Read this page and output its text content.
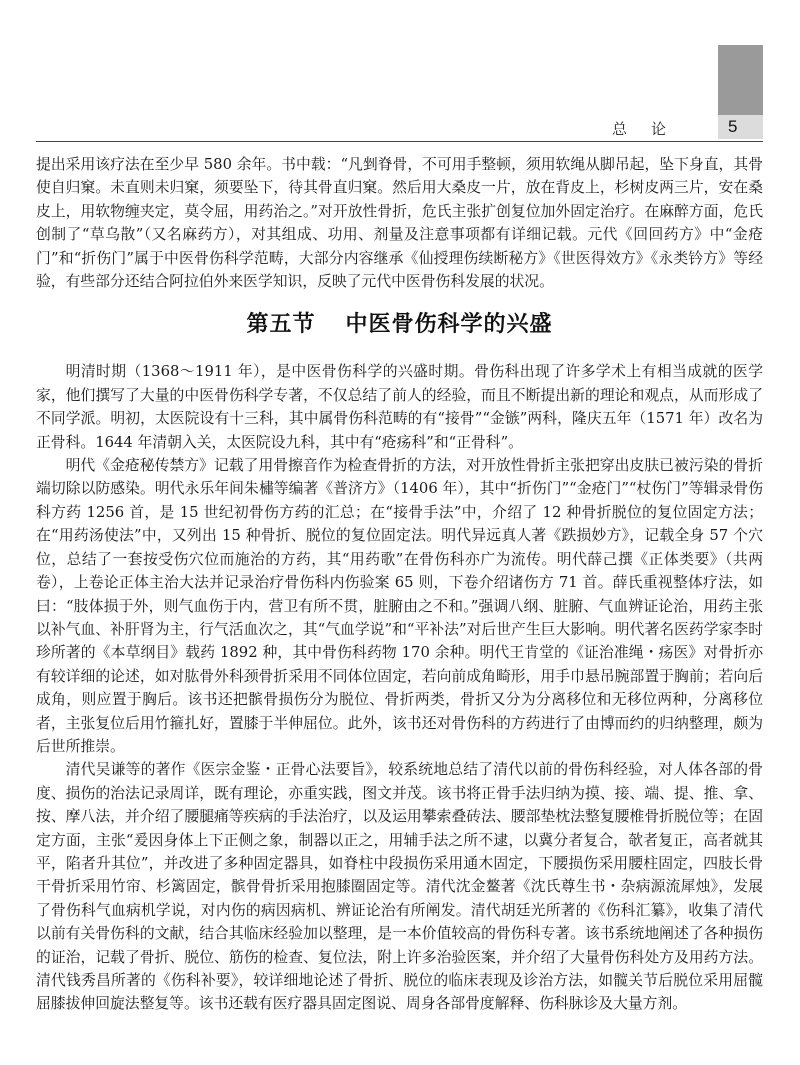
总论	5

提出采用该疗法在至少早 580 余年。书中载：“凡剉脊骨，不可用手整顿，须用软绳从脚吊起，坠下身直，其骨使自归窠。未直则未归窠，须要坠下，待其骨直归窠。然后用大桑皮一片，放在背皮上，杉树皮两三片，安在桑皮上，用软物缠夹定，莫令屈，用药治之。”对开放性骨折，危氏主张扩创复位加外固定治疗。在麻醉方面，危氏创制了“草乌散”（又名麻药方），对其组成、功用、剂量及注意事项都有详细记载。元代《回回药方》中“金疮门”和“折伤门”属于中医骨伤科学范畴，大部分内容继承《仙授理伤续断秘方》《世医得效方》《永类钤方》等经验，有些部分还结合阿拉伯外来医学知识，反映了元代中医骨伤科发展的状况。

第五节 中医骨伤科学的兴盛

明清时期（1368～1911 年），是中医骨伤科学的兴盛时期。骨伤科出现了许多学术上有相当成就的医学家，他们撰写了大量的中医骨伤科学专著，不仅总结了前人的经验，而且不断提出新的理论和观点，从而形成了不同学派。明初，太医院设有十三科，其中属骨伤科范畴的有“接骨”“金镞”两科，隆庆五年（1571 年）改名为正骨科。1644 年清朝入关，太医院设九科，其中有“疮疡科”和“正骨科”。

明代《金疮秘传禁方》记载了用骨擦音作为检查骨折的方法，对开放性骨折主张把穿出皮肤已被污染的骨折端切除以防感染。明代永乐年间朱橚等编著《普济方》（1406 年），其中“折伤门”“金疮门”“杖伤门”等辑录骨伤科方药 1256 首，是 15 世纪初骨伤方药的汇总；在“接骨手法”中，介绍了 12 种骨折脱位的复位固定方法；在“用药汤使法”中，又列出 15 种骨折、脱位的复位固定法。明代异远真人著《跌损妙方》，记载全身 57 个穴位，总结了一套按受伤穴位而施治的方药，其“用药歌”在骨伤科亦广为流传。明代薛己撰《正体类要》（共两卷），上卷论正体主治大法并记录治疗骨伤科内伤验案 65 则，下卷介绍诸伤方 71 首。薛氏重视整体疗法，如曰：“肢体损于外，则气血伤于内，营卫有所不贯，脏腑由之不和。”强调八纲、脏腑、气血辨证论治，用药主张以补气血、补肝肾为主，行气活血次之，其“气血学说”和“平补法”对后世产生巨大影响。明代著名医药学家李时珍所著的《本草纲目》载药 1892 种，其中骨伤科药物 170 余种。明代王肯堂的《证治准绳・疡医》对骨折亦有较详细的论述，如对肱骨外科颈骨折采用不同体位固定，若向前成角畸形，用手巾悬吊腕部置于胸前；若向后成角，则应置于胸后。该书还把髌骨损伤分为脱位、骨折两类，骨折又分为分离移位和无移位两种，分离移位者，主张复位后用竹箍扎好，置膝于半伸屈位。此外，该书还对骨伤科的方药进行了由博而约的归纳整理，颇为后世所推崇。

清代吴谦等的著作《医宗金鉴・正骨心法要旨》，较系统地总结了清代以前的骨伤科经验，对人体各部的骨度、损伤的治法记录周详，既有理论，亦重实践，图文并茂。该书将正骨手法归纳为摸、接、端、提、推、拿、按、摩八法，并介绍了腰腿痛等疾病的手法治疗，以及运用攀索叠砖法、腰部垫枕法整复腰椎骨折脱位等；在固定方面，主张“爰因身体上下正侧之象，制器以正之，用辅手法之所不逮，以冀分者复合，欹者复正，高者就其平，陷者升其位”，并改进了多种固定器具，如脊柱中段损伤采用通木固定，下腰损伤采用腰柱固定，四肢长骨干骨折采用竹帘、杉篱固定，髌骨骨折采用抱膝圈固定等。清代沈金鳌著《沈氏尊生书・杂病源流犀烛》，发展了骨伤科气血病机学说，对内伤的病因病机、辨证论治有所阐发。清代胡廷光所著的《伤科汇纂》，收集了清代以前有关骨伤科的文献，结合其临床经验加以整理，是一本价值较高的骨伤科专著。该书系统地阐述了各种损伤的证治，记载了骨折、脱位、筋伤的检查、复位法，附上许多治验医案，并介绍了大量骨伤科处方及用药方法。清代钱秀昌所著的《伤科补要》，较详细地论述了骨折、脱位的临床表现及诊治方法，如髋关节后脱位采用屈髋屈膝拔伸回旋法整复等。该书还载有医疗器具固定图说、周身各部骨度解释、伤科脉诊及大量方剂。
